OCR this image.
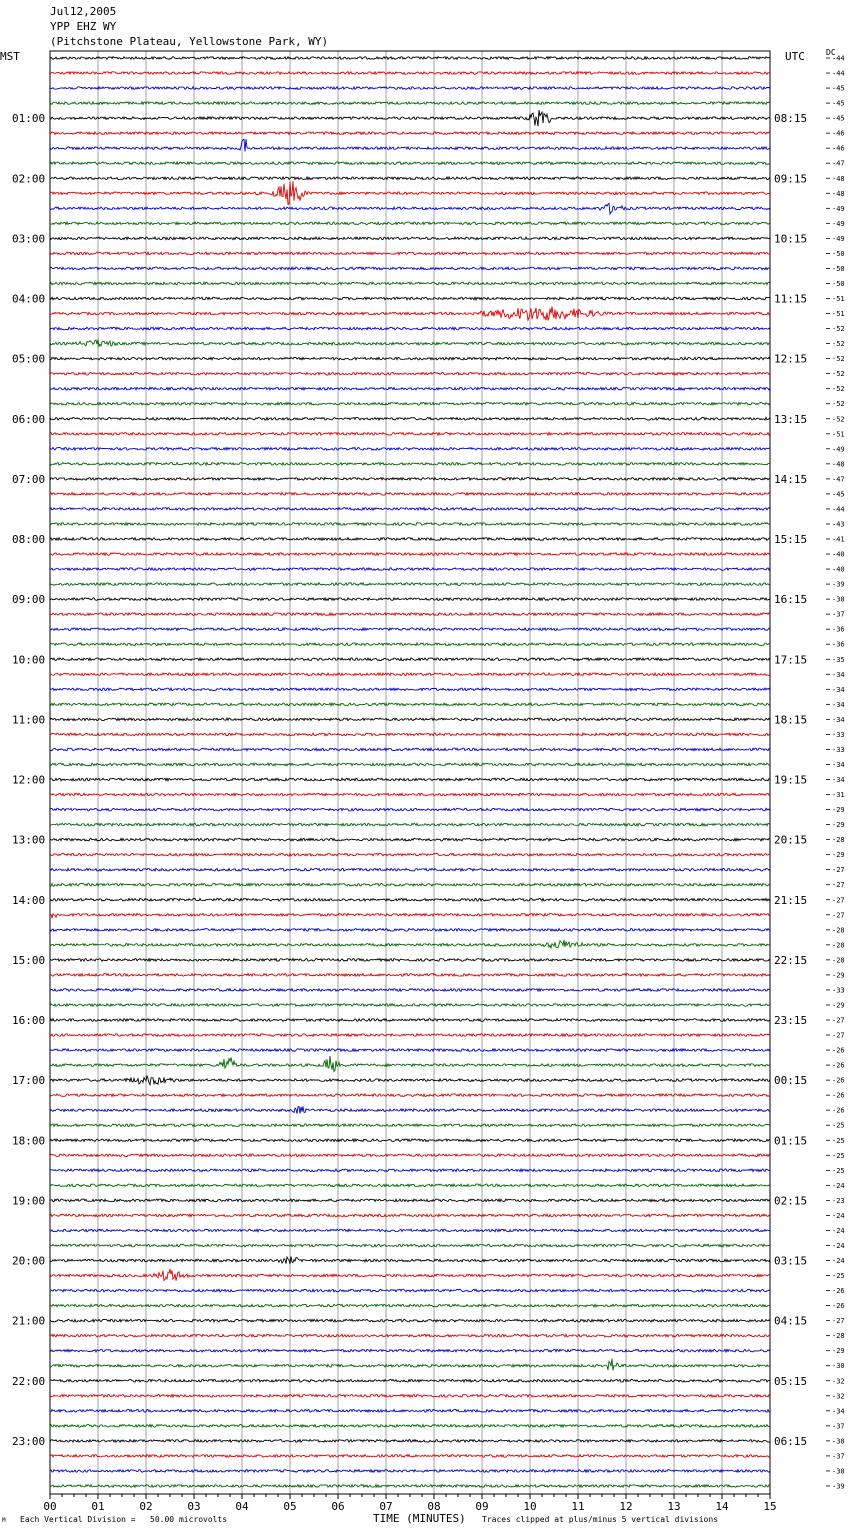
Jul12,2005
YPP EHZ WY
(Pitchstone Plateau, Yellowstone Park, WY)
MST	UTC	DC
-44
-44
-45
-45
-45
-46
-46
-47
-48
-48
-49
-49
-49
-50
-50
-50
-51
-51
-52
-52
-52
-52
-52
-52
-52
-51
-49
-48
-47
-45
-44
-43
-41
-40
-40
-39
-38
-37
-36
-36
-35
-34
-34
-34
-34
-33
-33
-34
-34
-31
-29
-29
-28
-29
-27
-27
-27
-27
-28
-28
-28
-29
-33
-29
-27
-27
-26
-26
-26
-26
-26
-25
-25
-25
-25
-24
-23
-24
-24
-24
-24
-25
-26
-26
-27
-28
-29
-30
-32
-32
-34
-37
-38
-37
-38
-39
01:00
02:00
03:00
04:00
05:00
06:00
07:00
08:00
09:00
10:00
11:00
12:00
13:00
14:00
15:00
16:00
17:00
18:00
19:00
20:00
21:00
22:00
23:00
08:15
09:15
10:15
11:15
12:15
13:15
14:15
15:15
16:15
17:15
18:15
19:15
20:15
21:15
22:15
23:15
00:15
01:15
02:15
03:15
04:15
05:15
06:15
00	01	02	03	04	05	06	07	08	09	10	11	12	13	14	15
M Each Vertical Division =   50.00 microvolts	TIME (MINUTES) Traces clipped at plus/minus 5 vertical divisions
